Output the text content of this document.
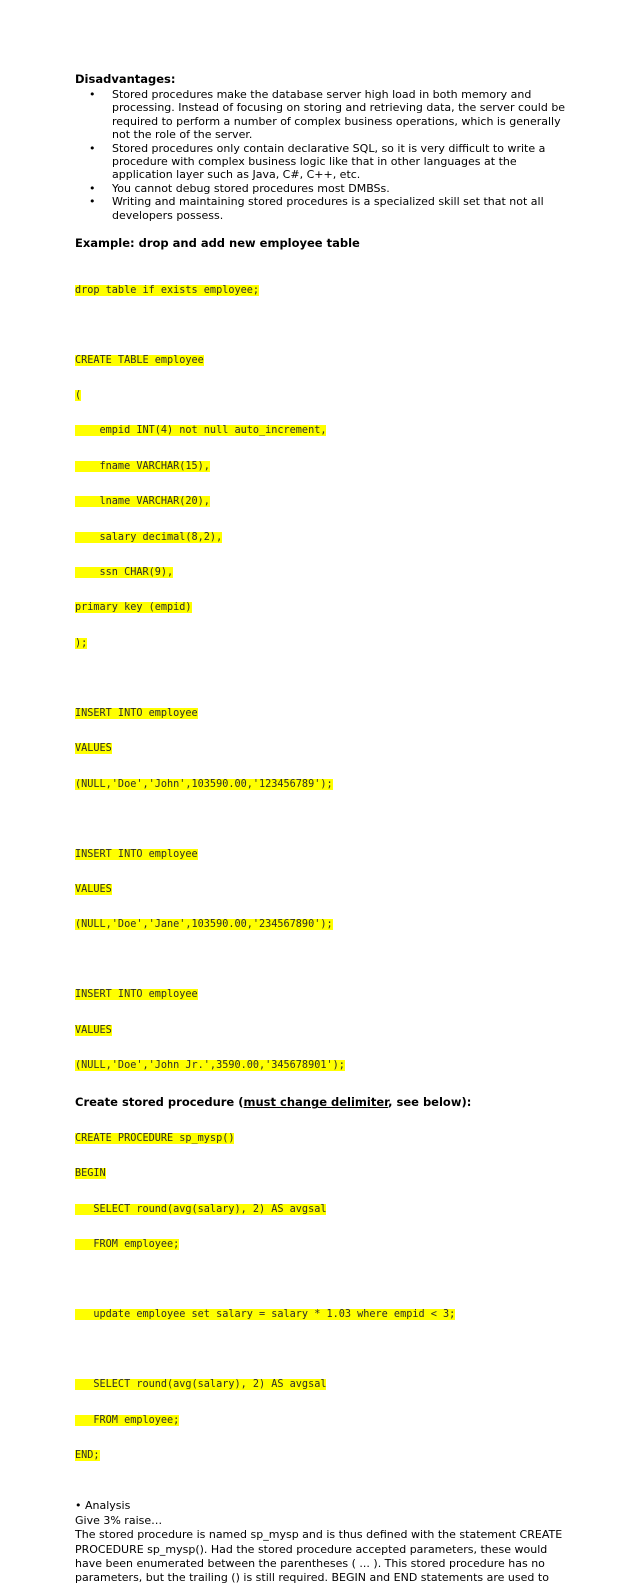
Disadvantages:

• Stored procedures make the database server high load in both memory and processing. Instead of focusing on storing and retrieving data, the server could be required to perform a number of complex business operations, which is generally not the role of the server.
• Stored procedures only contain declarative SQL, so it is very difficult to write a procedure with complex business logic like that in other languages at the application layer such as Java, C#, C++, etc.
• You cannot debug stored procedures most DMBSs.
• Writing and maintaining stored procedures is a specialized skill set that not all developers possess.

Example: drop and add new employee table

drop table if exists employee;

CREATE TABLE employee

(

empid INT(4) not null auto_increment,

fname VARCHAR(15),

lname VARCHAR(20),

salary decimal(8,2),

ssn CHAR(9),

primary key (empid)

);

INSERT INTO employee

VALUES

(NULL,'Doe','John',103590.00,'123456789');

INSERT INTO employee

VALUES

(NULL,'Doe','Jane',103590.00,'234567890');

INSERT INTO employee

VALUES

(NULL,'Doe','John Jr.',3590.00,'345678901');

Create stored procedure (must change delimiter, see below):

CREATE PROCEDURE sp_mysp()

BEGIN

SELECT round(avg(salary), 2) AS avgsal

FROM employee;

update employee set salary = salary * 1.03 where empid < 3;

SELECT round(avg(salary), 2) AS avgsal

FROM employee;

END;

• Analysis
Give 3% raise…
The stored procedure is named sp_mysp and is thus defined with the statement CREATE PROCEDURE sp_mysp(). Had the stored procedure accepted parameters, these would have been enumerated between the parentheses ( ... ). This stored procedure has no parameters, but the trailing () is still required. BEGIN and END statements are used to
